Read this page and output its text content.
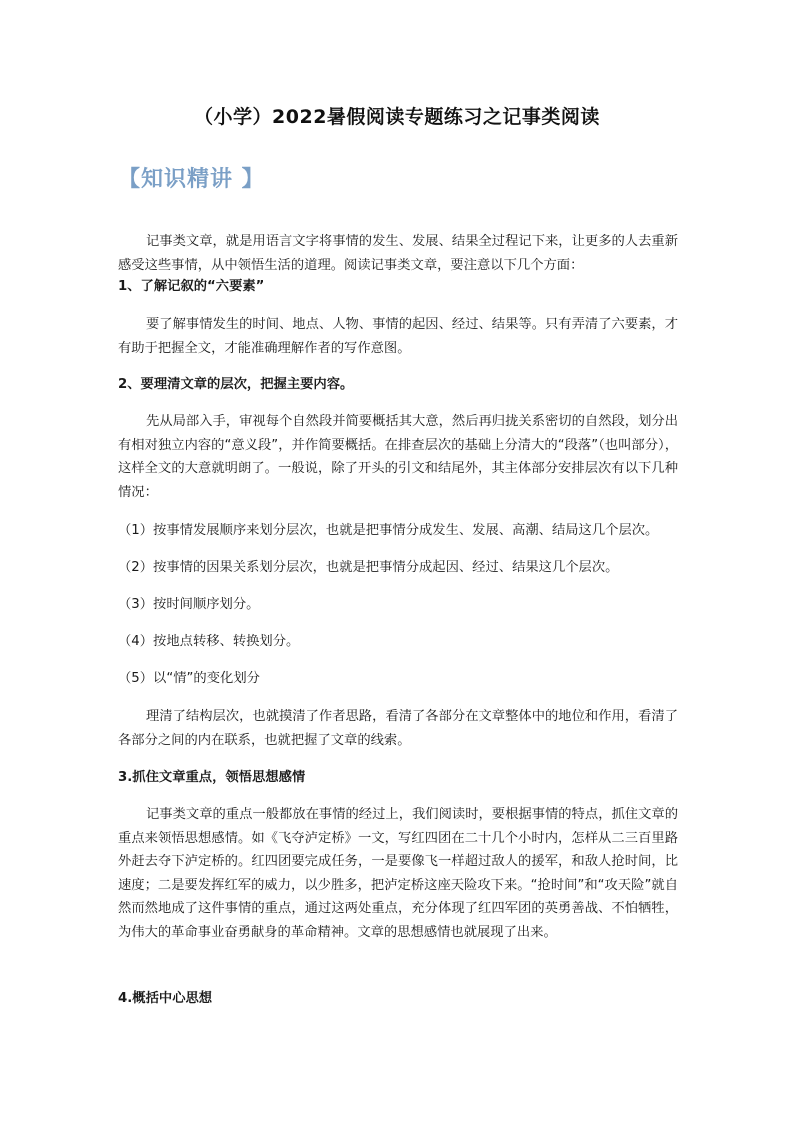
（小学）2022暑假阅读专题练习之记事类阅读
【知识精讲 】

记事类文章，就是用语言文字将事情的发生、发展、结果全过程记下来，让更多的人去重新感受这些事情，从中领悟生活的道理。阅读记事类文章，要注意以下几个方面：

1、了解记叙的“六要素”

要了解事情发生的时间、地点、人物、事情的起因、经过、结果等。只有弄清了六要素，才有助于把握全文，才能准确理解作者的写作意图。

2、要理清文章的层次，把握主要内容。

先从局部入手，审视每个自然段并简要概括其大意，然后再归拢关系密切的自然段，划分出有相对独立内容的“意义段”，并作简要概括。在排查层次的基础上分清大的“段落”（也叫部分），这样全文的大意就明朗了。一般说，除了开头的引文和结尾外，其主体部分安排层次有以下几种情况：

（1）按事情发展顺序来划分层次，也就是把事情分成发生、发展、高潮、结局这几个层次。

（2）按事情的因果关系划分层次，也就是把事情分成起因、经过、结果这几个层次。

（3）按时间顺序划分。

（4）按地点转移、转换划分。

（5）以“情”的变化划分

理清了结构层次，也就摸清了作者思路，看清了各部分在文章整体中的地位和作用，看清了各部分之间的内在联系，也就把握了文章的线索。

3.抓住文章重点，领悟思想感情

记事类文章的重点一般都放在事情的经过上，我们阅读时，要根据事情的特点，抓住文章的重点来领悟思想感情。如《飞夺泸定桥》一文，写红四团在二十几个小时内，怎样从二三百里路外赶去夺下泸定桥的。红四团要完成任务，一是要像飞一样超过敌人的援军，和敌人抢时间，比速度；二是要发挥红军的威力，以少胜多，把泸定桥这座天险攻下来。“抢时间”和“攻天险”就自然而然地成了这件事情的重点，通过这两处重点，充分体现了红四军团的英勇善战、不怕牺牲，为伟大的革命事业奋勇献身的革命精神。文章的思想感情也就展现了出来。

4.概括中心思想
